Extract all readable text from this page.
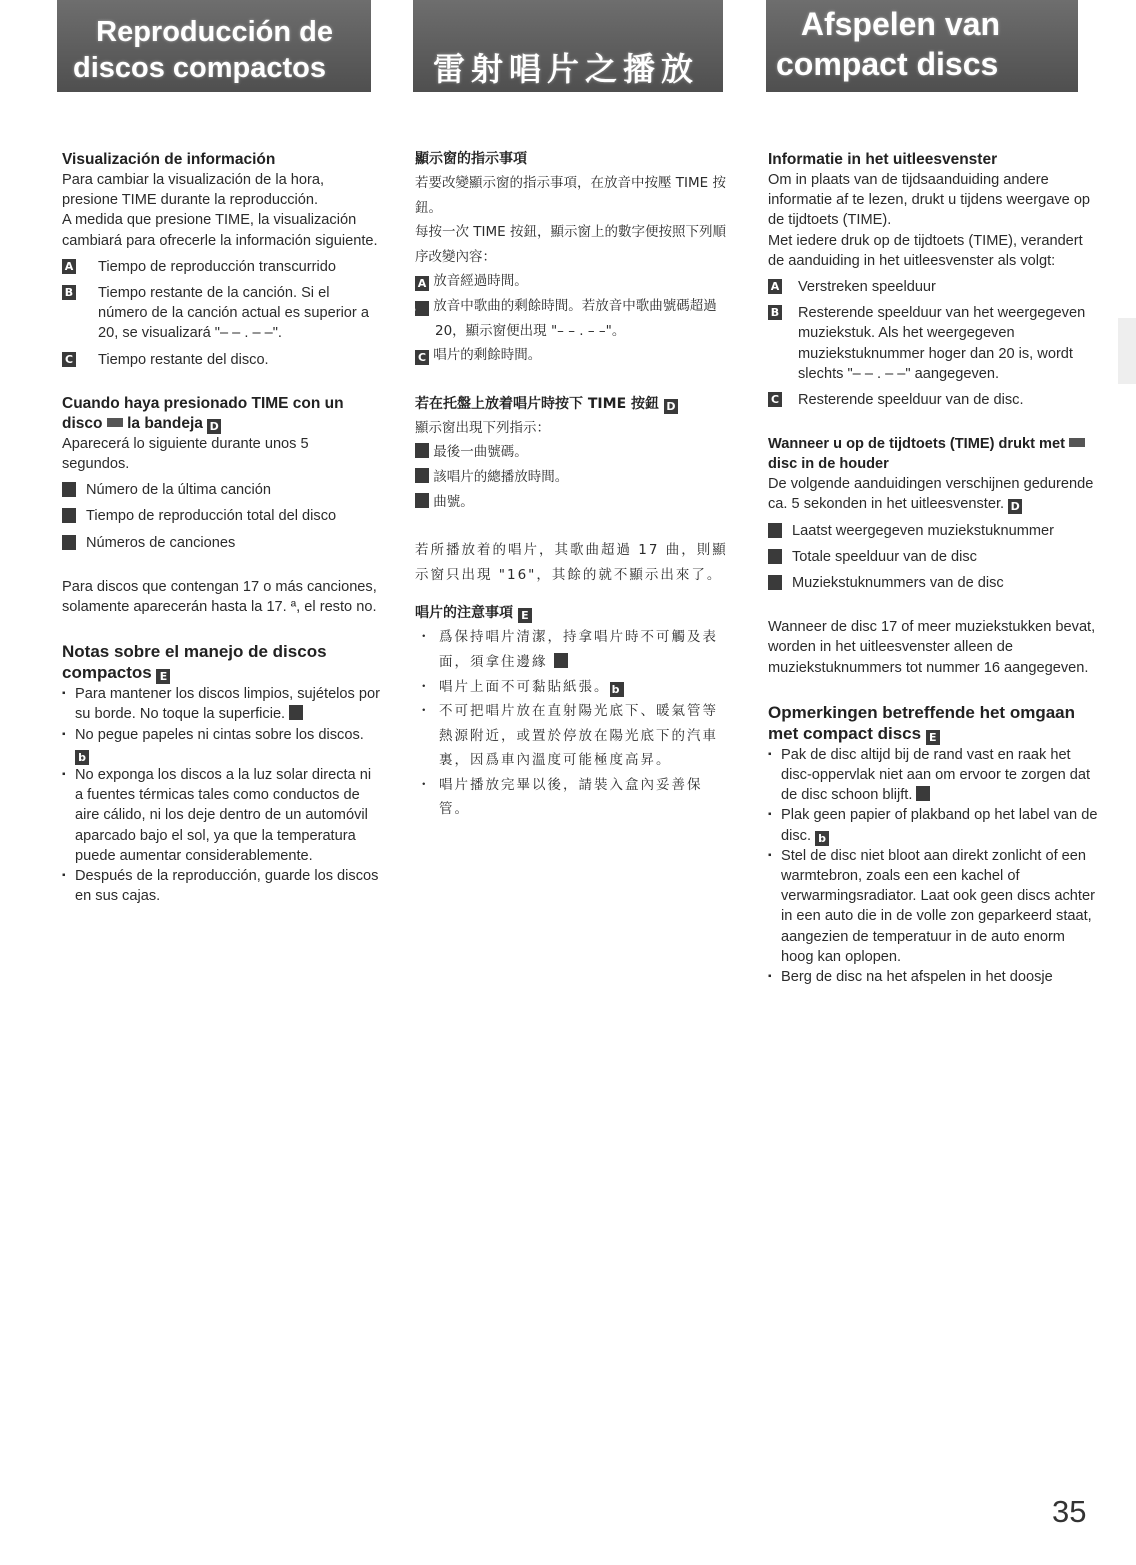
Reproducción de
discos compactos	雷射唱片之播放
Afspelen van
compact discs
Visualización de información

Para cambiar la visualización de la hora, presione TIME durante la reproducción.

A medida que presione TIME, la visualización cambiará para ofrecerle la información siguiente.

A Tiempo de reproducción transcurrido
B Tiempo restante de la canción. Si el número de la canción actual es superior a 20, se visualizará "– – . – –".
C Tiempo restante del disco.
Cuando haya presionado TIME con un disco la bandeja D

Aparecerá lo siguiente durante unos 5 segundos.

Número de la última canción
Tiempo de reproducción total del disco
Números de canciones

Para discos que contengan 17 o más canciones, solamente aparecerán hasta la 17. ª, el resto no.

Notas sobre el manejo de discos compactos E
▪ Para mantener los discos limpios, sujételos por su borde. No toque la superficie.
▪ No pegue papeles ni cintas sobre los discos. b
▪ No exponga los discos a la luz solar directa ni a fuentes térmicas tales como conductos de aire cálido, ni los deje dentro de un automóvil aparcado bajo el sol, ya que la temperatura puede aumentar considerablemente.
▪ Después de la reproducción, guarde los discos en sus cajas.
顯示窗的指示事項

若要改變顯示窗的指示事項，在放音中按壓 TIME 按鈕。

每按一次 TIME 按鈕，顯示窗上的數字便按照下列順序改變內容：

A 放音經過時間。
B 放音中歌曲的剩餘時間。若放音中歌曲號碼超過 20，顯示窗便出現 "– – . – –"。
C 唱片的剩餘時間。
若在托盤上放着唱片時按下 TIME 按鈕 D

顯示窗出現下列指示：

最後一曲號碼。
該唱片的總播放時間。
曲號。

若所播放着的唱片，其歌曲超過 17 曲，則顯示窗只出現 "16"，其餘的就不顯示出來了。

唱片的注意事項 E
・ 爲保持唱片清潔，持拿唱片時不可觸及表面，須拿住邊緣
・ 唱片上面不可黏貼紙張。 b
・ 不可把唱片放在直射陽光底下、暖氣管等熱源附近，或置於停放在陽光底下的汽車裏，因爲車內溫度可能極度高昇。
・ 唱片播放完畢以後，請裝入盒內妥善保管。
Informatie in het uitleesvenster

Om in plaats van de tijdsaanduiding andere informatie af te lezen, drukt u tijdens weergave op de tijdtoets (TIME).

Met iedere druk op de tijdtoets (TIME), verandert de aanduiding in het uitleesvenster als volgt:

A Verstreken speelduur
B Resterende speelduur van het weergegeven muziekstuk. Als het weergegeven muziekstuknummer hoger dan 20 is, wordt slechts "– – . – –" aangegeven.
C Resterende speelduur van de disc.
Wanneer u op de tijdtoets (TIME) drukt met  disc in de houder

De volgende aanduidingen verschijnen gedurende ca. 5 sekonden in het uitleesvenster. D

Laatst weergegeven muziekstuknummer
Totale speelduur van de disc
Muziekstuknummers van de disc

Wanneer de disc 17 of meer muziekstukken bevat, worden in het uitleesvenster alleen de muziekstuknummers tot nummer 16 aangegeven.

Opmerkingen betreffende het omgaan met compact discs E
▪ Pak de disc altijd bij de rand vast en raak het disc-oppervlak niet aan om ervoor te zorgen dat de disc schoon blijft.
▪ Plak geen papier of plakband op het label van de disc. b
▪ Stel de disc niet bloot aan direkt zonlicht of een warmtebron, zoals een een kachel of verwarmingsradiator. Laat ook geen discs achter in een auto die in de volle zon geparkeerd staat, aangezien de temperatuur in de auto enorm hoog kan oplopen.
▪ Berg de disc na het afspelen in het doosje
35
